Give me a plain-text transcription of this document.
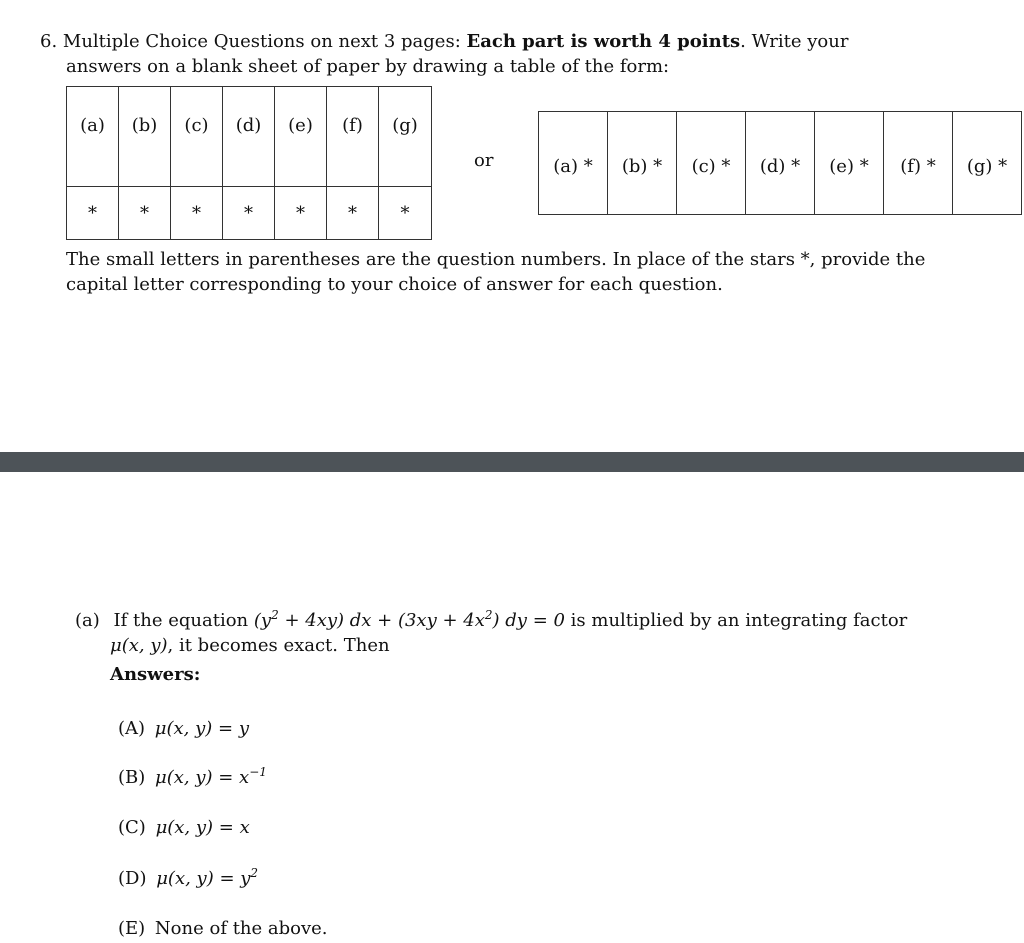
6. Multiple Choice Questions on next 3 pages: Each part is worth 4 points. Write your
answers on a blank sheet of paper by drawing a table of the form:
(a)	(b)	(c)	(d)	(e)	(f)	(g)
*	*	*	*	*	*	*
or	(a) *	(b) *	(c) *	(d) *	(e) *	(f) *	(g) *
The small letters in parentheses are the question numbers. In place of the stars *, provide the
capital letter corresponding to your choice of answer for each question.
(a) If the equation $(y^2 + 4xy)$ dx + $(3xy + 4x^2)$ dy = 0 is multiplied by an integrating factor
μ(x, y), it becomes exact. Then
Answers:
(A) μ(x, y) = y
(B) μ(x, $y) = x^{-1}$
(C) μ(x, y) = x
(D) μ(x, $y) = y^2$
(E) None of the above.
